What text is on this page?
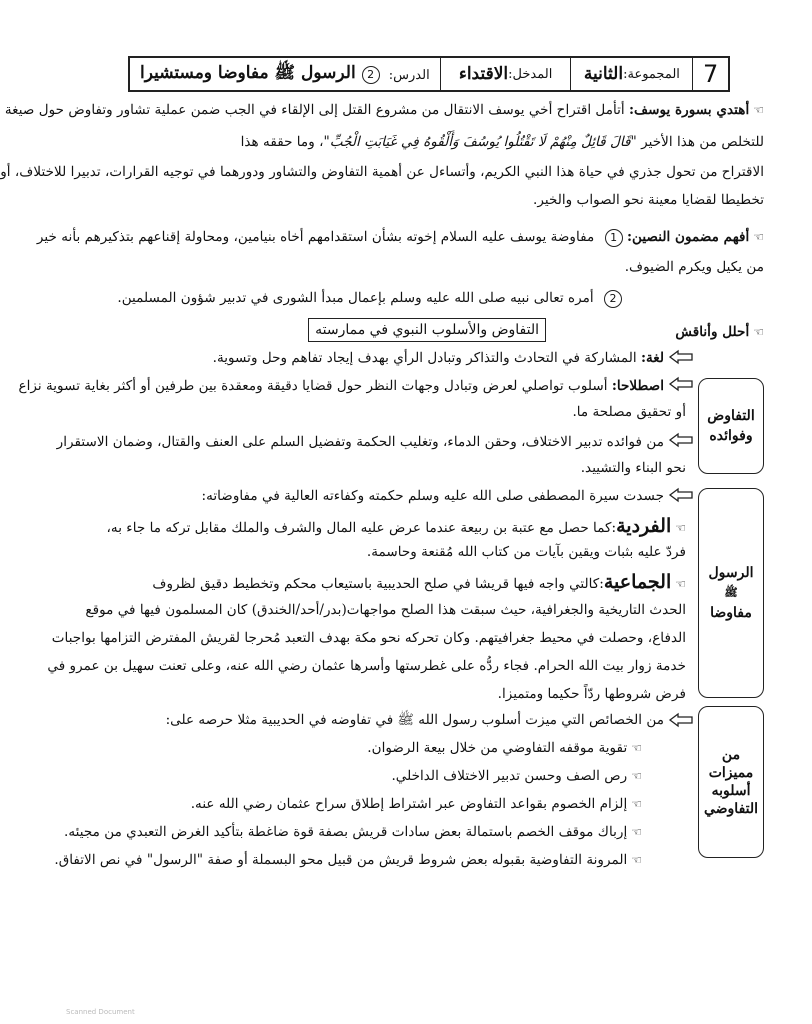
7
المجموعة:
الثانية
المدخل:
الاقتداء
الدرس: 2
الرسول ﷺ مفاوضا ومستشيرا
☜أهتدي بسورة يوسف: أتأمل اقتراح أخي يوسف الانتقال من مشروع القتل إلى الإلقاء في الجب ضمن عملية تشاور وتفاوض حول صيغة
للتخلص من هذا الأخير "قَالَ قَائِلٌ مِنْهُمْ لَا تَقْتُلُوا يُوسُفَ وَأَلْقُوهُ فِي غَيَابَتِ الْجُبِّ"، وما حققه هذا
الاقتراح من تحول جذري في حياة هذا النبي الكريم، وأتساءل عن أهمية التفاوض والتشاور ودورهما في توجيه القرارات، تدبيرا للاختلاف، أو
تخطيطا لقضايا معينة نحو الصواب والخير.
☜أفهم مضمون النصين: 1 مفاوضة يوسف عليه السلام إخوته بشأن استقدامهم أخاه بنيامين، ومحاولة إقناعهم بتذكيرهم بأنه خير
من يكيل ويكرم الضيوف.
2 أمره تعالى نبيه صلى الله عليه وسلم بإعمال مبدأ الشورى في تدبير شؤون المسلمين.
☜أحلل وأناقش
التفاوض والأسلوب النبوي في ممارسته
التفاوض
وفوائده
لغة: المشاركة في التحادث والتذاكر وتبادل الرأي بهدف إيجاد تفاهم وحل وتسوية.
اصطلاحا: أسلوب تواصلي لعرض وتبادل وجهات النظر حول قضايا دقيقة ومعقدة بين طرفين أو أكثر بغاية تسوية نزاع
أو تحقيق مصلحة ما.
من فوائده تدبير الاختلاف، وحقن الدماء، وتغليب الحكمة وتفضيل السلم على العنف والقتال، وضمان الاستقرار
نحو البناء والتشييد.
الرسول
ﷺ
مفاوضا
جسدت سيرة المصطفى صلى الله عليه وسلم حكمته وكفاءته العالية في مفاوضاته:
☜الفردية:كما حصل مع عتبة بن ربيعة عندما عرض عليه المال والشرف والملك مقابل تركه ما جاء به،
فردّ عليه بثبات ويقين بآيات من كتاب الله مُقنعة وحاسمة.
☜الجماعية:كالتي واجه فيها قريشا في صلح الحديبية باستيعاب محكم وتخطيط دقيق لظروف
الحدث التاريخية والجغرافية، حيث سبقت هذا الصلح مواجهات(بدر/أحد/الخندق) كان المسلمون فيها في موقع
الدفاع، وحصلت في محيط جغرافيتهم. وكان تحركه نحو مكة بهدف التعبد مُحرجا لقريش المفترض التزامها بواجبات
خدمة زوار بيت الله الحرام. فجاء ردُّه على غطرستها وأسرها عثمان رضي الله عنه، وعلى تعنت سهيل بن عمرو في
فرض شروطها ردّاً حكيما ومتميزا.
من
مميزات
أسلوبه
التفاوضي
من الخصائص التي ميزت أسلوب رسول الله ﷺ في تفاوضه في الحديبية مثلا حرصه على:
☜تقوية موقفه التفاوضي من خلال بيعة الرضوان.
☜رص الصف وحسن تدبير الاختلاف الداخلي.
☜إلزام الخصوم بقواعد التفاوض عبر اشتراط إطلاق سراح عثمان رضي الله عنه.
☜إرباك موقف الخصم باستمالة بعض سادات قريش بصفة قوة ضاغطة بتأكيد الغرض التعبدي من مجيئه.
☜المرونة التفاوضية بقبوله بعض شروط قريش من قبيل محو البسملة أو صفة "الرسول" في نص الاتفاق.
Scanned Document
